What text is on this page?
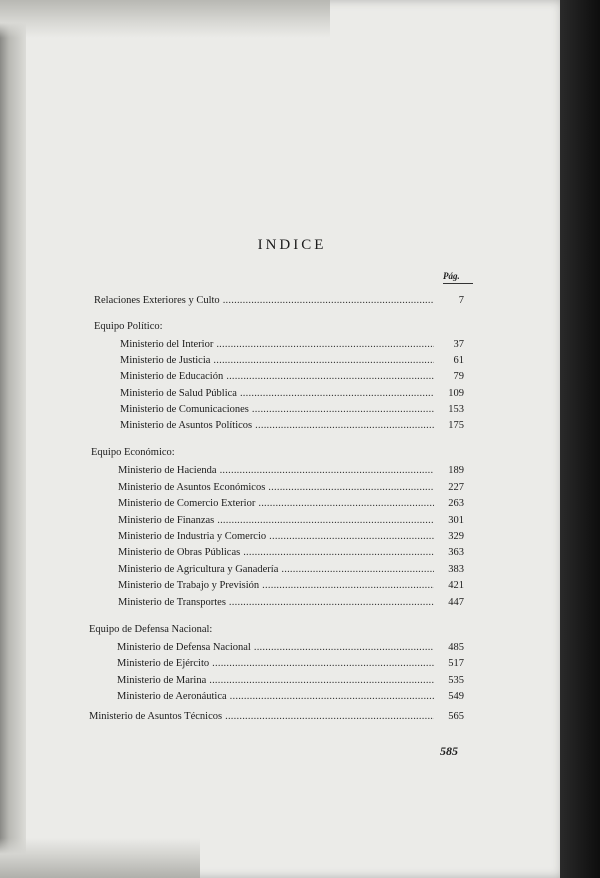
INDICE
Pág.
Relaciones Exteriores y Culto . . .	7
Equipo Político:
Ministerio del Interior . . .	37
Ministerio de Justicia . . .	61
Ministerio de Educación . . .	79
Ministerio de Salud Pública . . .	109
Ministerio de Comunicaciones . . .	153
Ministerio de Asuntos Políticos . . .	175
Equipo Económico:
Ministerio de Hacienda . . .	189
Ministerio de Asuntos Económicos . . .	227
Ministerio de Comercio Exterior . . .	263
Ministerio de Finanzas . . .	301
Ministerio de Industria y Comercio . . .	329
Ministerio de Obras Públicas . . .	363
Ministerio de Agricultura y Ganadería . . .	383
Ministerio de Trabajo y Previsión . . .	421
Ministerio de Transportes . . .	447
Equipo de Defensa Nacional:
Ministerio de Defensa Nacional . . .	485
Ministerio de Ejército . . .	517
Ministerio de Marina . . .	535
Ministerio de Aeronáutica . . .	549
Ministerio de Asuntos Técnicos . . .	565
585
